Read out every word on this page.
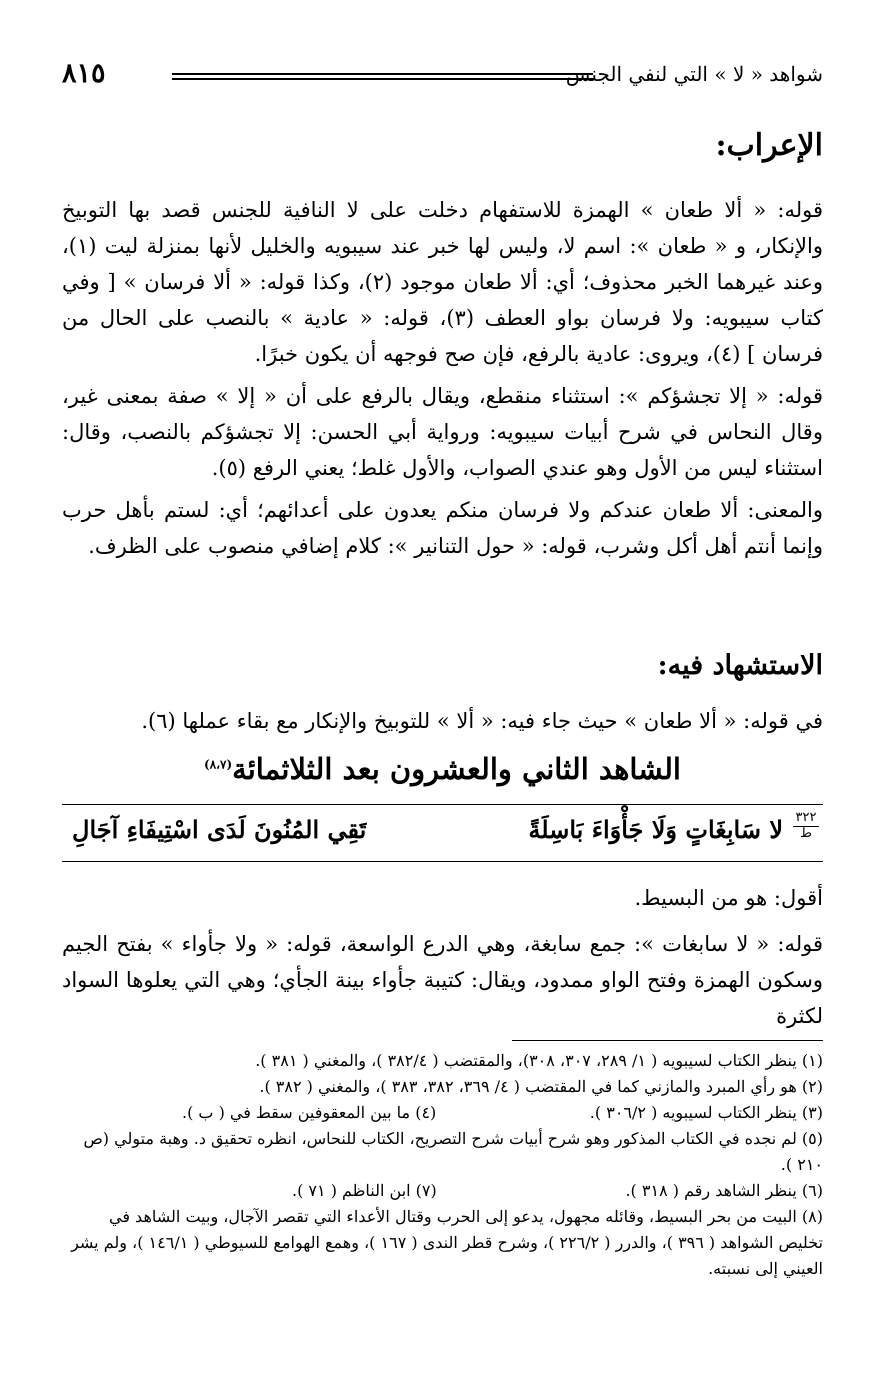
شواهد « لا » التي لنفي الجنس
٨١٥
الإعراب:

قوله: « ألا طعان » الهمزة للاستفهام دخلت على لا النافية للجنس قصد بها التوبيخ والإنكار، و « طعان »: اسم لا، وليس لها خبر عند سيبويه والخليل لأنها بمنزلة ليت (١)، وعند غيرهما الخبر محذوف؛ أي: ألا طعان موجود (٢)، وكذا قوله: « ألا فرسان » [ وفي كتاب سيبويه: ولا فرسان بواو العطف (٣)، قوله: « عادية » بالنصب على الحال من فرسان ] (٤)، ويروى: عادية بالرفع، فإن صح فوجهه أن يكون خبرًا.

قوله: « إلا تجشؤكم »: استثناء منقطع، ويقال بالرفع على أن « إلا » صفة بمعنى غير، وقال النحاس في شرح أبيات سيبويه: ورواية أبي الحسن: إلا تجشؤكم بالنصب، وقال: استثناء ليس من الأول وهو عندي الصواب، والأول غلط؛ يعني الرفع (٥).

والمعنى: ألا طعان عندكم ولا فرسان منكم يعدون على أعدائهم؛ أي: لستم بأهل حرب وإنما أنتم أهل أكل وشرب، قوله: « حول التنانير »: كلام إضافي منصوب على الظرف.

الاستشهاد فيه:

في قوله: « ألا طعان » حيث جاء فيه: « ألا » للتوبيخ والإنكار مع بقاء عملها (٦).

الشاهد الثاني والعشرون بعد الثلاثمائة$^{(٨،٧)}$
٣٢٢
ط
لا سَابِغَاتٍ وَلَا جَأْوَاءَ بَاسِلَةً
تَقِي المُنُونَ لَدَى اسْتِيفَاءِ آجَالِ

أقول: هو من البسيط.

قوله: « لا سابغات »: جمع سابغة، وهي الدرع الواسعة، قوله: « ولا جأواء » بفتح الجيم وسكون الهمزة وفتح الواو ممدود، ويقال: كتيبة جأواء بينة الجأي؛ وهي التي يعلوها السواد لكثرة

(١) ينظر الكتاب لسيبويه ( ١/ ٢٨٩، ٣٠٧، ٣٠٨)، والمقتضب ( ٣٨٢/٤ )، والمغني ( ٣٨١ ).
(٢) هو رأي المبرد والمازني كما في المقتضب ( ٤/ ٣٦٩، ٣٨٢، ٣٨٣ )، والمغني ( ٣٨٢ ).
(٣) ينظر الكتاب لسيبويه ( ٣٠٦/٢ ).
(٤) ما بين المعقوفين سقط في ( ب ).
(٥) لم نجده في الكتاب المذكور وهو شرح أبيات شرح التصريح، الكتاب للنحاس، انظره تحقيق د. وهبة متولي (ص ٢١٠ ).
(٦) ينظر الشاهد رقم ( ٣١٨ ).
(٧) ابن الناظم ( ٧١ ).
(٨) البيت من بحر البسيط، وقائله مجهول، يدعو إلى الحرب وقتال الأعداء التي تقصر الآجال، وبيت الشاهد في تخليص الشواهد ( ٣٩٦ )، والدرر ( ٢٢٦/٢ )، وشرح قطر الندى ( ١٦٧ )، وهمع الهوامع للسيوطي ( ١٤٦/١ )، ولم يشر العيني إلى نسبته.
